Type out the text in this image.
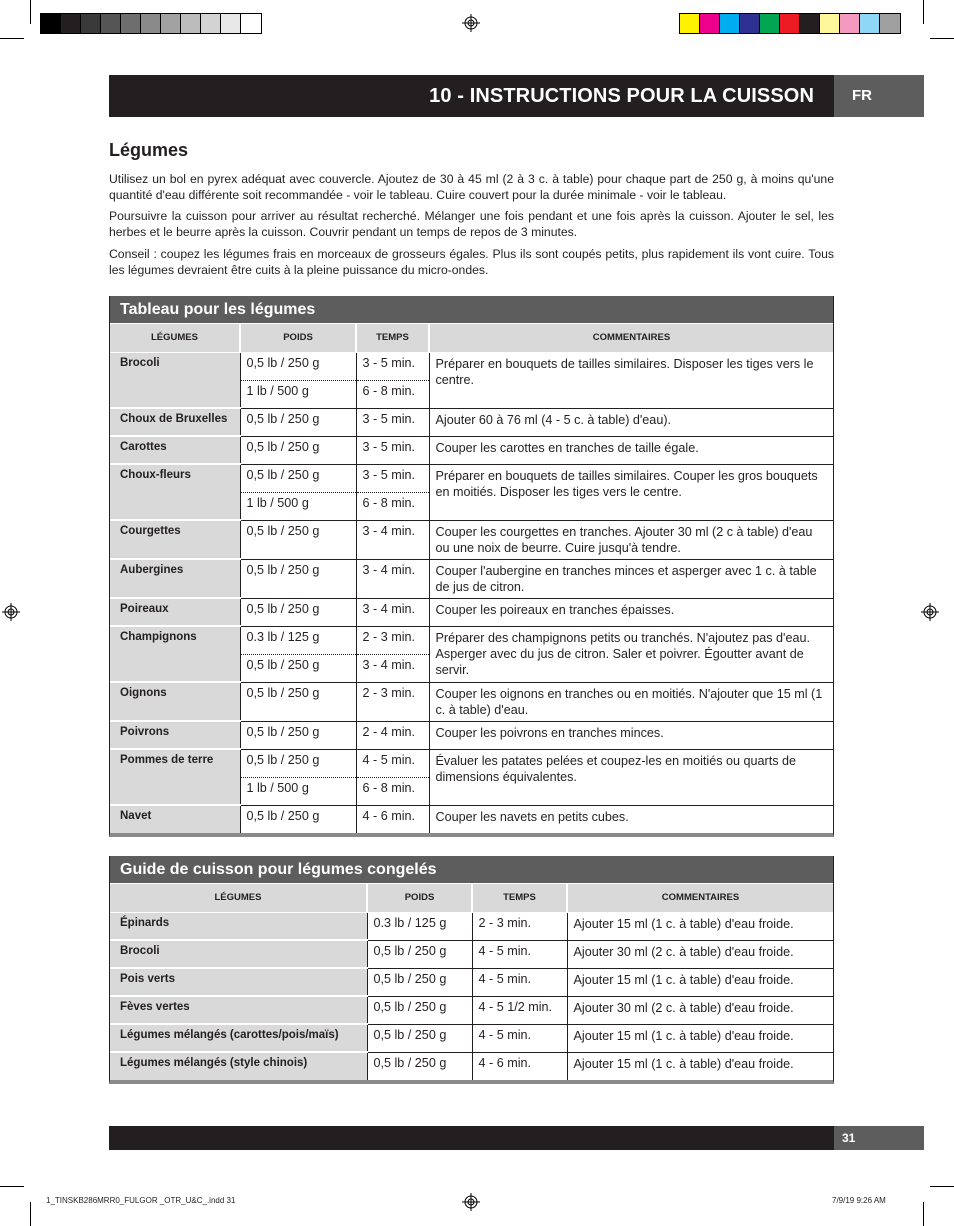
10 - INSTRUCTIONS POUR LA CUISSON	FR
Légumes

Utilisez un bol en pyrex adéquat avec couvercle. Ajoutez de 30 à 45 ml (2 à 3 c. à table) pour chaque part de 250 g, à moins qu'une quantité d'eau différente soit recommandée - voir le tableau. Cuire couvert pour la durée minimale - voir le tableau.

Poursuivre la cuisson pour arriver au résultat recherché. Mélanger une fois pendant et une fois après la cuisson. Ajouter le sel, les herbes et le beurre après la cuisson. Couvrir pendant un temps de repos de 3 minutes.

Conseil : coupez les légumes frais en morceaux de grosseurs égales. Plus ils sont coupés petits, plus rapidement ils vont cuire. Tous les légumes devraient être cuits à la pleine puissance du micro-ondes.

Tableau pour les légumes
LÉGUMES	POIDS	TEMPS	COMMENTAIRES
Brocoli	0,5 lb / 250 g	3 - 5 min.	Préparer en bouquets de tailles similaires. Disposer les tiges vers le centre.
	1 lb / 500 g	6 - 8 min.	
Choux de Bruxelles	0,5 lb / 250 g	3 - 5 min.	Ajouter 60 à 76 ml (4 - 5 c. à table) d'eau).
Carottes	0,5 lb / 250 g	3 - 5 min.	Couper les carottes en tranches de taille égale.
Choux-fleurs	0,5 lb / 250 g	3 - 5 min.	Préparer en bouquets de tailles similaires. Couper les gros bouquets en moitiés. Disposer les tiges vers le centre.
	1 lb / 500 g	6 - 8 min.	
Courgettes	0,5 lb / 250 g	3 - 4 min.	Couper les courgettes en tranches. Ajouter 30 ml (2 c à table) d'eau ou une noix de beurre. Cuire jusqu'à tendre.
Aubergines	0,5 lb / 250 g	3 - 4 min.	Couper l'aubergine en tranches minces et asperger avec 1 c. à table de jus de citron.
Poireaux	0,5 lb / 250 g	3 - 4 min.	Couper les poireaux en tranches épaisses.
Champignons	0.3 lb / 125 g	2 - 3 min.	Préparer des champignons petits ou tranchés. N'ajoutez pas d'eau. Asperger avec du jus de citron. Saler et poivrer. Égoutter avant de servir.
	0,5 lb / 250 g	3 - 4 min.	
Oignons	0,5 lb / 250 g	2 - 3 min.	Couper les oignons en tranches ou en moitiés. N'ajouter que 15 ml (1 c. à table) d'eau.
Poivrons	0,5 lb / 250 g	2 - 4 min.	Couper les poivrons en tranches minces.
Pommes de terre	0,5 lb / 250 g	4 - 5 min.	Évaluer les patates pelées et coupez-les en moitiés ou quarts de dimensions équivalentes.
	1 lb / 500 g	6 - 8 min.	
Navet	0,5 lb / 250 g	4 - 6 min.	Couper les navets en petits cubes.
Guide de cuisson pour légumes congelés
LÉGUMES	POIDS	TEMPS	COMMENTAIRES
Épinards	0.3 lb / 125 g	2 - 3 min.	Ajouter 15 ml (1 c. à table) d'eau froide.
Brocoli	0,5 lb / 250 g	4 - 5 min.	Ajouter 30 ml (2 c. à table) d'eau froide.
Pois verts	0,5 lb / 250 g	4 - 5 min.	Ajouter 15 ml (1 c. à table) d'eau froide.
Fèves vertes	0,5 lb / 250 g	4 - 5 1/2 min.	Ajouter 30 ml (2 c. à table) d'eau froide.
Légumes mélangés (carottes/pois/maïs)	0,5 lb / 250 g	4 - 5 min.	Ajouter 15 ml (1 c. à table) d'eau froide.
Légumes mélangés (style chinois)	0,5 lb / 250 g	4 - 6 min.	Ajouter 15 ml (1 c. à table) d'eau froide.
31
1_TINSKB286MRR0_FULGOR _OTR_U&C_.indd 31	7/9/19 9:26 AM
